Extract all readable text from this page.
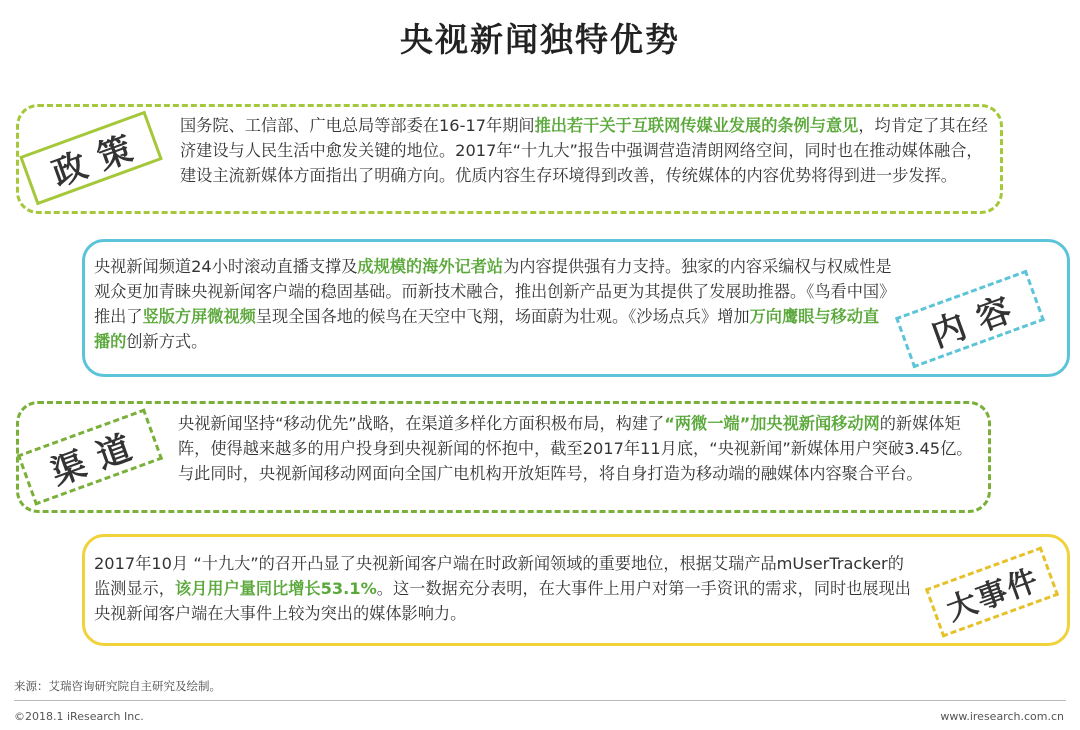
央视新闻独特优势
国务院、工信部、广电总局等部委在16-17年期间推出若干关于互联网传媒业发展的条例与意见，均肯定了其在经济建设与人民生活中愈发关键的地位。2017年“十九大”报告中强调营造清朗网络空间，同时也在推动媒体融合，建设主流新媒体方面指出了明确方向。优质内容生存环境得到改善，传统媒体的内容优势将得到进一步发挥。
政策
央视新闻频道24小时滚动直播支撑及成规模的海外记者站为内容提供强有力支持。独家的内容采编权与权威性是观众更加青睐央视新闻客户端的稳固基础。而新技术融合，推出创新产品更为其提供了发展助推器。《鸟看中国》推出了竖版方屏微视频呈现全国各地的候鸟在天空中飞翔，场面蔚为壮观。《沙场点兵》增加万向鹰眼与移动直播的创新方式。	内容
央视新闻坚持“移动优先”战略，在渠道多样化方面积极布局，构建了“两微一端”加央视新闻移动网的新媒体矩阵，使得越来越多的用户投身到央视新闻的怀抱中，截至2017年11月底，“央视新闻”新媒体用户突破3.45亿。与此同时，央视新闻移动网面向全国广电机构开放矩阵号，将自身打造为移动端的融媒体内容聚合平台。
渠道
2017年10月 “十九大”的召开凸显了央视新闻客户端在时政新闻领域的重要地位，根据艾瑞产品mUserTracker的监测显示，该月用户量同比增长53.1%。这一数据充分表明，在大事件上用户对第一手资讯的需求，同时也展现出央视新闻客户端在大事件上较为突出的媒体影响力。	大事件
来源：艾瑞咨询研究院自主研究及绘制。
©2018.1 iResearch Inc.	www.iresearch.com.cn
